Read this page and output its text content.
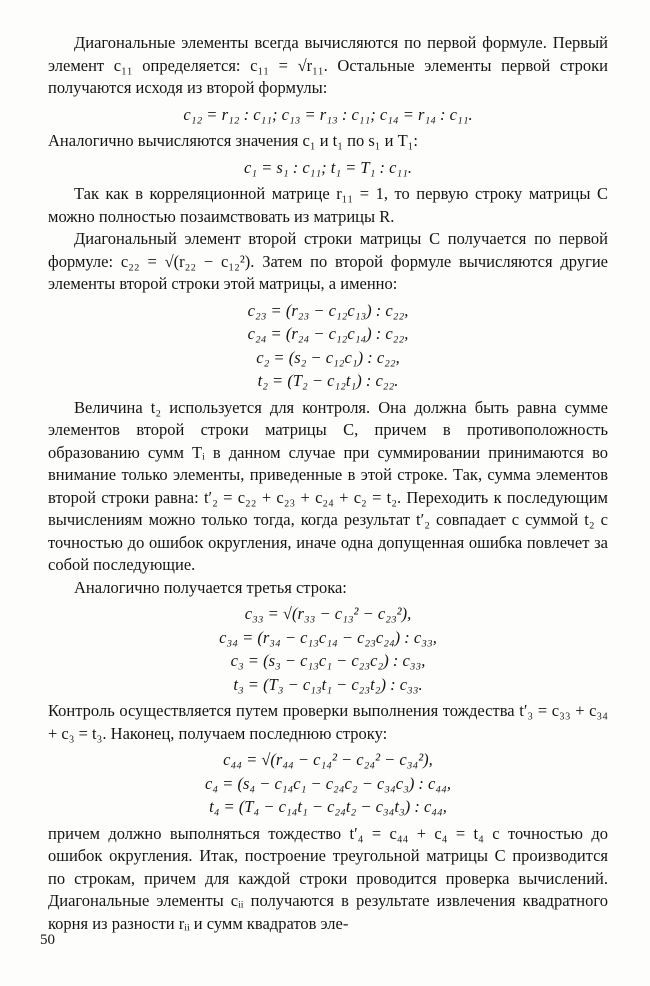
Диагональные элементы всегда вычисляются по первой формуле. Первый элемент c₁₁ определяется: c₁₁ = √r₁₁. Остальные элементы первой строки получаются исходя из второй формулы:

c₁₂ = r₁₂ : c₁₁; c₁₃ = r₁₃ : c₁₁; c₁₄ = r₁₄ : c₁₁.

Аналогично вычисляются значения c₁ и t₁ по s₁ и T₁:

c₁ = s₁ : c₁₁; t₁ = T₁ : c₁₁.

Так как в корреляционной матрице r₁₁ = 1, то первую строку матрицы C можно полностью позаимствовать из матрицы R.

Диагональный элемент второй строки матрицы C получается по первой формуле: c₂₂ = √(r₂₂ − c₁₂²). Затем по второй формуле вычисляются другие элементы второй строки этой матрицы, а именно:

c₂₃ = (r₂₃ − c₁₂c₁₃) : c₂₂,
c₂₄ = (r₂₄ − c₁₂c₁₄) : c₂₂,
c₂ = (s₂ − c₁₂c₁) : c₂₂,
t₂ = (T₂ − c₁₂t₁) : c₂₂.

Величина t₂ используется для контроля. Она должна быть равна сумме элементов второй строки матрицы C, причем в противоположность образованию сумм Tᵢ в данном случае при суммировании принимаются во внимание только элементы, приведенные в этой строке. Так, сумма элементов второй строки равна: t′₂ = c₂₂ + c₂₃ + c₂₄ + c₂ = t₂. Переходить к последующим вычислениям можно только тогда, когда результат t′₂ совпадает с суммой t₂ с точностью до ошибок округления, иначе одна допущенная ошибка повлечет за собой последующие.

Аналогично получается третья строка:

c₃₃ = √(r₃₃ − c₁₃² − c₂₃²),
c₃₄ = (r₃₄ − c₁₃c₁₄ − c₂₃c₂₄) : c₃₃,
c₃ = (s₃ − c₁₃c₁ − c₂₃c₂) : c₃₃,
t₃ = (T₃ − c₁₃t₁ − c₂₃t₂) : c₃₃.

Контроль осуществляется путем проверки выполнения тождества t′₃ = c₃₃ + c₃₄ + c₃ = t₃. Наконец, получаем последнюю строку:

c₄₄ = √(r₄₄ − c₁₄² − c₂₄² − c₃₄²),
c₄ = (s₄ − c₁₄c₁ − c₂₄c₂ − c₃₄c₃) : c₄₄,
t₄ = (T₄ − c₁₄t₁ − c₂₄t₂ − c₃₄t₃) : c₄₄,

причем должно выполняться тождество t′₄ = c₄₄ + c₄ = t₄ с точностью до ошибок округления. Итак, построение треугольной матрицы C производится по строкам, причем для каждой строки проводится проверка вычислений. Диагональные элементы cᵢᵢ получаются в результате извлечения квадратного корня из разности rᵢᵢ и сумм квадратов эле-

50
